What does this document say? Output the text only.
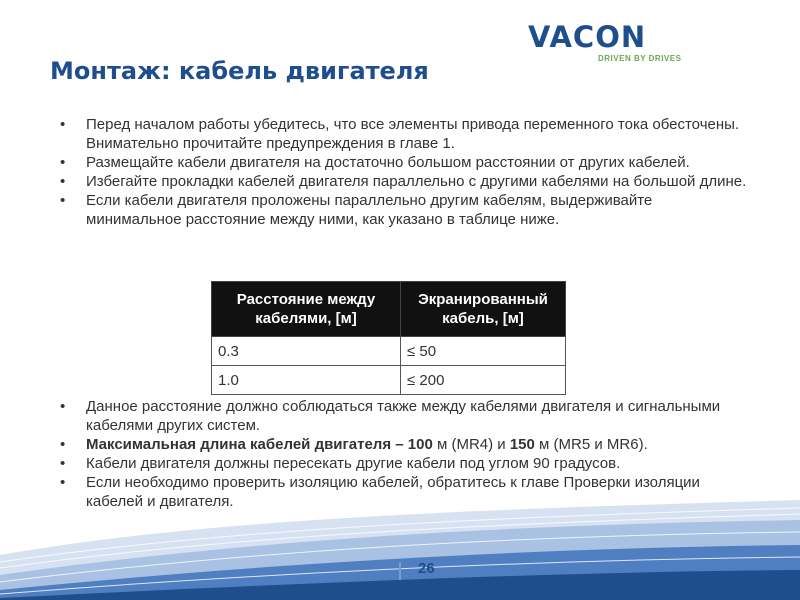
VACON
DRIVEN BY DRIVES
Монтаж: кабель двигателя
• Перед началом работы убедитесь, что все элементы привода переменного тока обесточены. Внимательно прочитайте предупреждения в главе 1.
• Размещайте кабели двигателя на достаточно большом расстоянии от других кабелей.
• Избегайте прокладки кабелей двигателя параллельно с другими кабелями на большой длине.
• Если кабели двигателя проложены параллельно другим кабелям, выдерживайте минимальное расстояние между ними, как указано в таблице ниже.
Расстояние между кабелями, [м]	Экранированный кабель, [м]
0.3	≤ 50
1.0	≤ 200
• Данное расстояние должно соблюдаться также между кабелями двигателя и сигнальными кабелями других систем.
• Максимальная длина кабелей двигателя – 100 м (MR4) и 150 м (MR5 и MR6).
• Кабели двигателя должны пересекать другие кабели под углом 90 градусов.
• Если необходимо проверить изоляцию кабелей, обратитесь к главе Проверки изоляции кабелей и двигателя.
26
